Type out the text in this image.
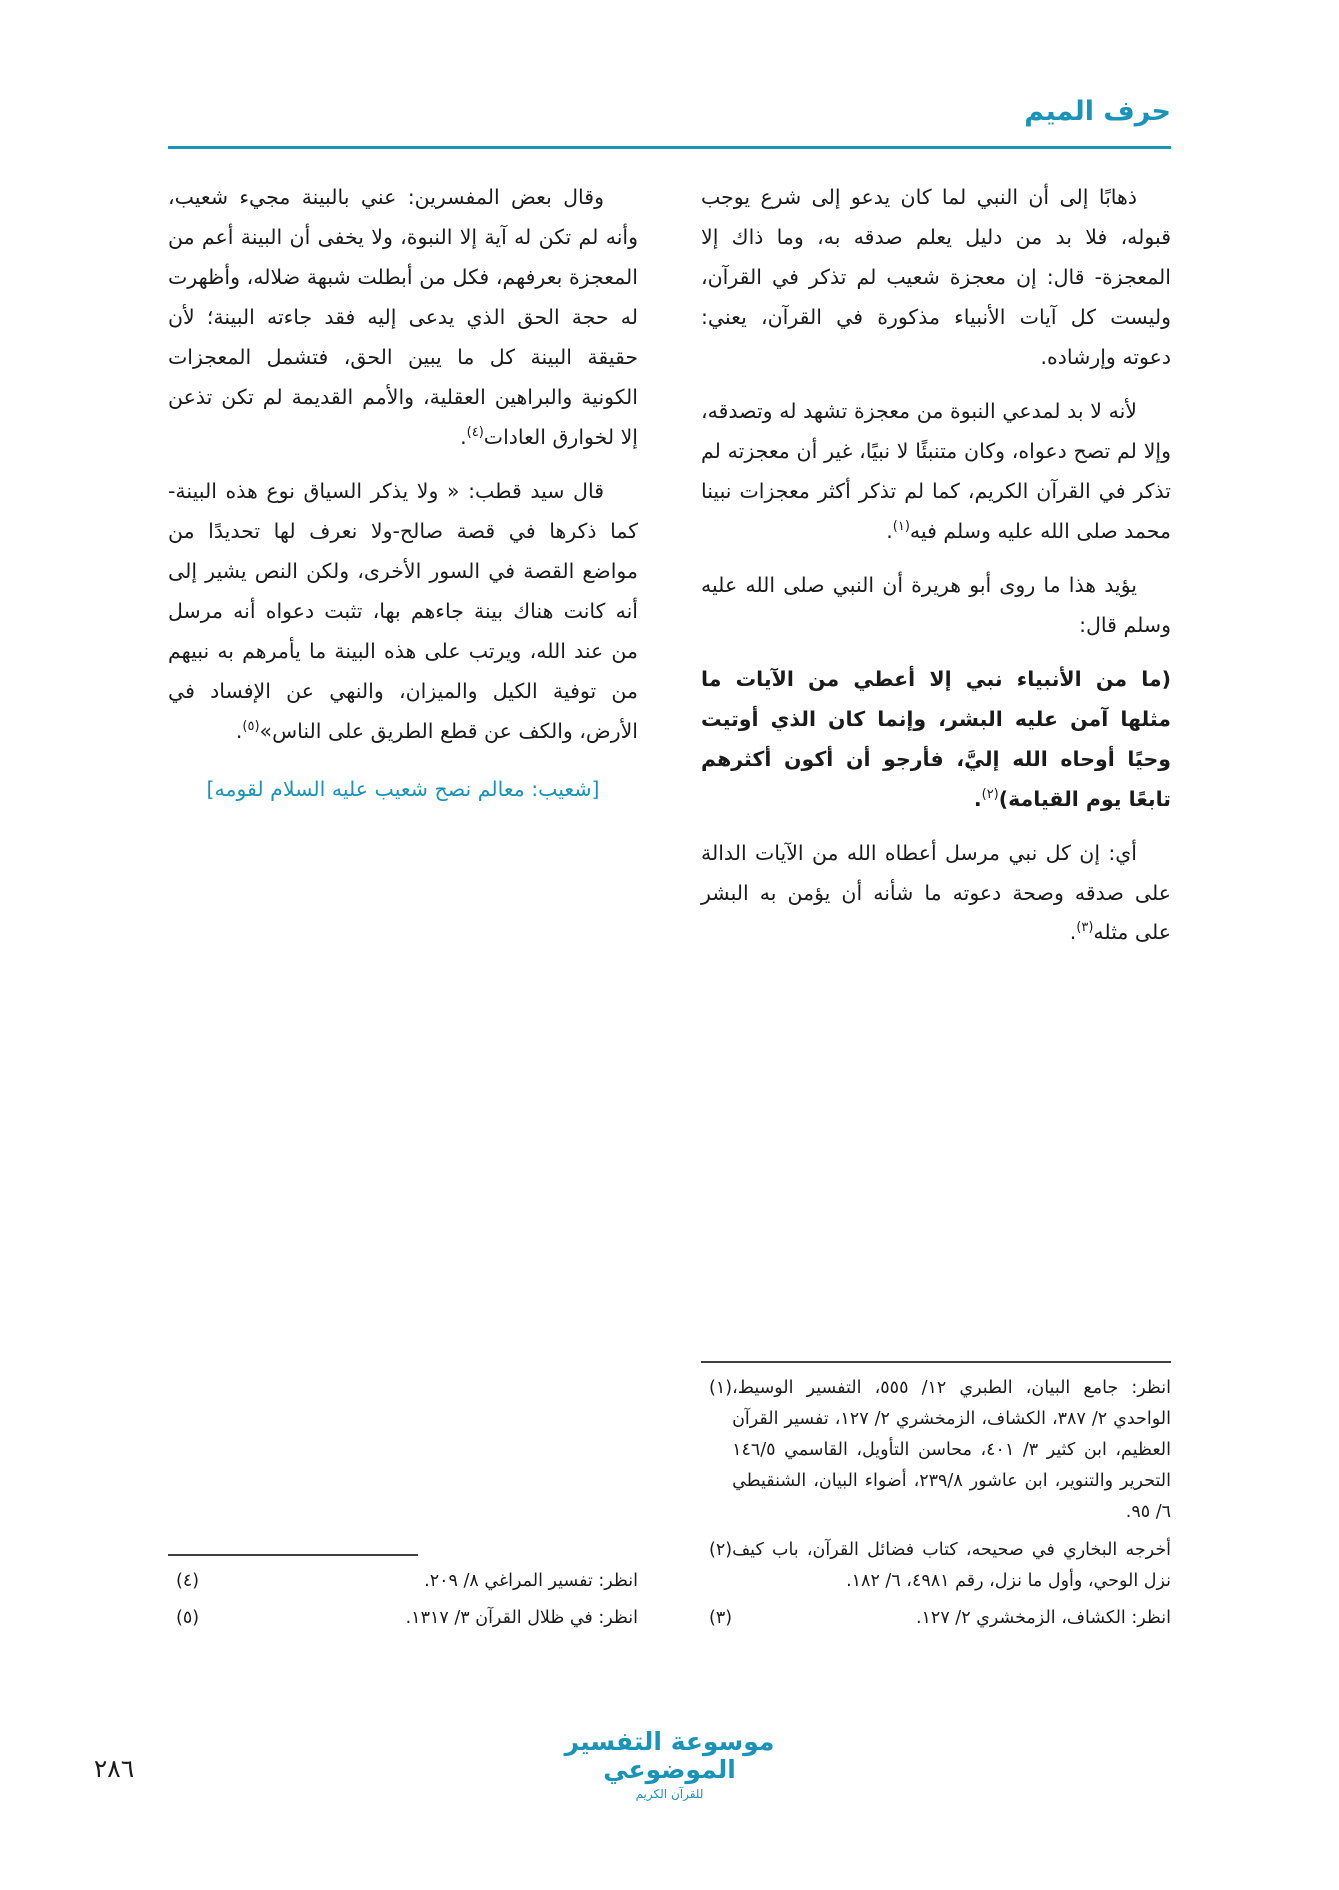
حرف الميم

ذهابًا إلى أن النبي لما كان يدعو إلى شرع يوجب قبوله، فلا بد من دليل يعلم صدقه به، وما ذاك إلا المعجزة- قال: إن معجزة شعيب لم تذكر في القرآن، وليست كل آيات الأنبياء مذكورة في القرآن، يعني: دعوته وإرشاده.

لأنه لا بد لمدعي النبوة من معجزة تشهد له وتصدقه، وإلا لم تصح دعواه، وكان متنبئًا لا نبيًا، غير أن معجزته لم تذكر في القرآن الكريم، كما لم تذكر أكثر معجزات نبينا محمد صلى الله عليه وسلم فيه$^{(١)}$.

يؤيد هذا ما روى أبو هريرة أن النبي صلى الله عليه وسلم قال:

(ما من الأنبياء نبي إلا أعطي من الآيات ما مثلها آمن عليه البشر، وإنما كان الذي أوتيت وحيًا أوحاه الله إليَّ، فأرجو أن أكون أكثرهم تابعًا يوم القيامة)$^{(٢)}$.

أي: إن كل نبي مرسل أعطاه الله من الآيات الدالة على صدقه وصحة دعوته ما شأنه أن يؤمن به البشر على مثله$^{(٣)}$.

وقال بعض المفسرين: عني بالبينة مجيء شعيب، وأنه لم تكن له آية إلا النبوة، ولا يخفى أن البينة أعم من المعجزة بعرفهم، فكل من أبطلت شبهة ضلاله، وأظهرت له حجة الحق الذي يدعى إليه فقد جاءته البينة؛ لأن حقيقة البينة كل ما يبين الحق، فتشمل المعجزات الكونية والبراهين العقلية، والأمم القديمة لم تكن تذعن إلا لخوارق العادات$^{(٤)}$.

قال سيد قطب: « ولا يذكر السياق نوع هذه البينة-كما ذكرها في قصة صالح-ولا نعرف لها تحديدًا من مواضع القصة في السور الأخرى، ولكن النص يشير إلى أنه كانت هناك بينة جاءهم بها، تثبت دعواه أنه مرسل من عند الله، ويرتب على هذه البينة ما يأمرهم به نبيهم من توفية الكيل والميزان، والنهي عن الإفساد في الأرض، والكف عن قطع الطريق على الناس»$^{(٥)}$.

[شعيب: معالم نصح شعيب عليه السلام لقومه]

(١) انظر: جامع البيان، الطبري ١٢/ ٥٥٥، التفسير الوسيط، الواحدي ٢/ ٣٨٧، الكشاف، الزمخشري ٢/ ١٢٧، تفسير القرآن العظيم، ابن كثير ٣/ ٤٠١، محاسن التأويل، القاسمي ١٤٦/٥ التحرير والتنوير، ابن عاشور ٢٣٩/٨، أضواء البيان، الشنقيطي ٦/ ٩٥.
(٢) أخرجه البخاري في صحيحه، كتاب فضائل القرآن، باب كيف نزل الوحي، وأول ما نزل، رقم ٤٩٨١، ٦/ ١٨٢.
(٣)	انظر: الكشاف، الزمخشري ٢/ ١٢٧.
(٤)	انظر: تفسير المراغي ٨/ ٢٠٩.
(٥)	انظر: في ظلال القرآن ٣/ ١٣١٧.
موسوعة التفسير الموضوعي
للقرآن الكريم
٢٨٦
